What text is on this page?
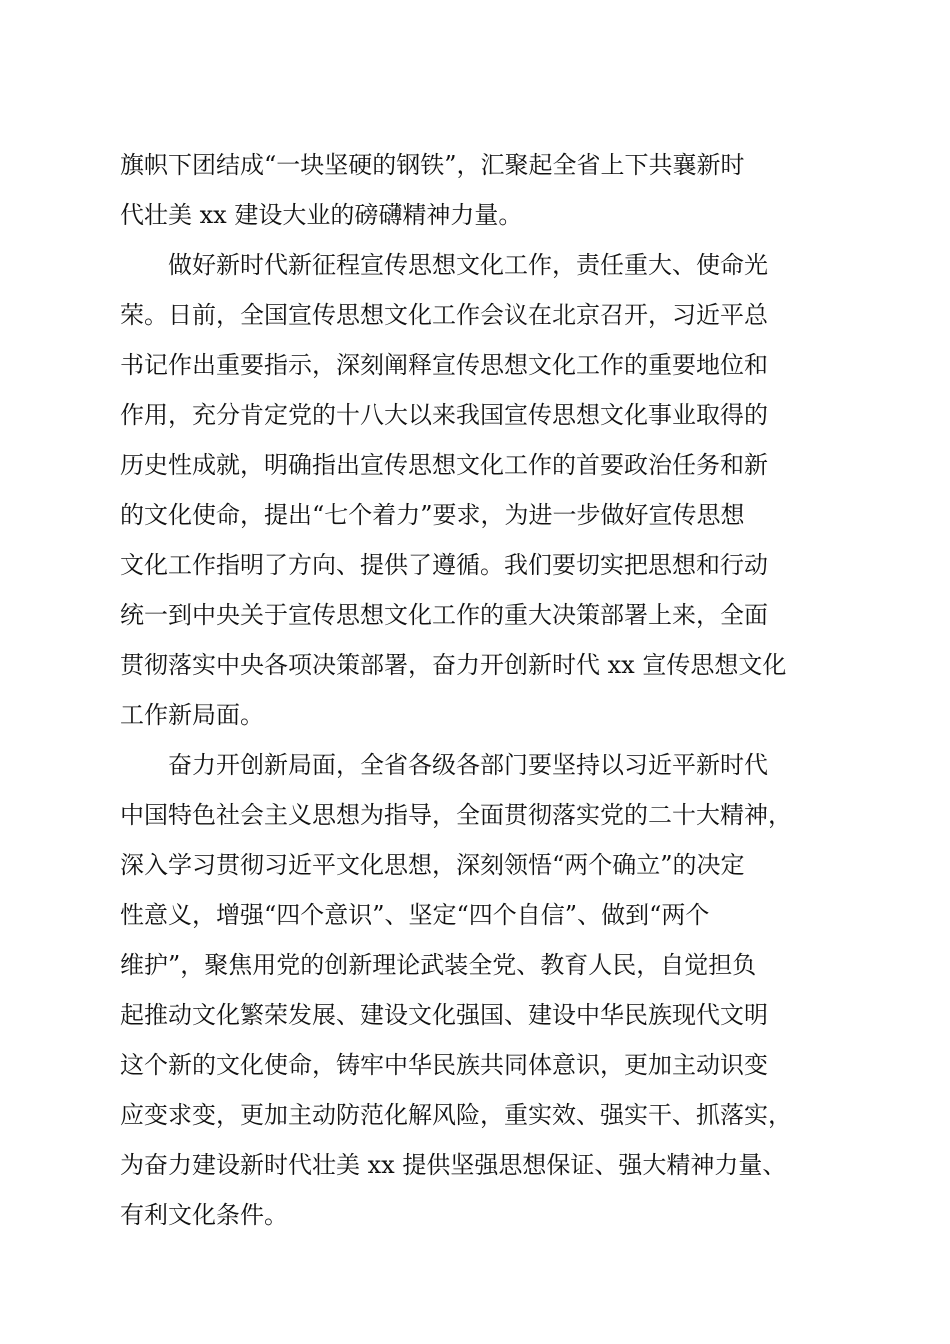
旗帜下团结成“一块坚硬的钢铁”，汇聚起全省上下共襄新时
代壮美 xx 建设大业的磅礴精神力量。
做好新时代新征程宣传思想文化工作，责任重大、使命光
荣。日前，全国宣传思想文化工作会议在北京召开，习近平总
书记作出重要指示，深刻阐释宣传思想文化工作的重要地位和
作用，充分肯定党的十八大以来我国宣传思想文化事业取得的
历史性成就，明确指出宣传思想文化工作的首要政治任务和新
的文化使命，提出“七个着力”要求，为进一步做好宣传思想
文化工作指明了方向、提供了遵循。我们要切实把思想和行动
统一到中央关于宣传思想文化工作的重大决策部署上来，全面
贯彻落实中央各项决策部署，奋力开创新时代 xx 宣传思想文化
工作新局面。
奋力开创新局面，全省各级各部门要坚持以习近平新时代
中国特色社会主义思想为指导，全面贯彻落实党的二十大精神，
深入学习贯彻习近平文化思想，深刻领悟“两个确立”的决定
性意义，增强“四个意识”、坚定“四个自信”、做到“两个
维护”，聚焦用党的创新理论武装全党、教育人民，自觉担负
起推动文化繁荣发展、建设文化强国、建设中华民族现代文明
这个新的文化使命，铸牢中华民族共同体意识，更加主动识变
应变求变，更加主动防范化解风险，重实效、强实干、抓落实，
为奋力建设新时代壮美 xx 提供坚强思想保证、强大精神力量、
有利文化条件。
